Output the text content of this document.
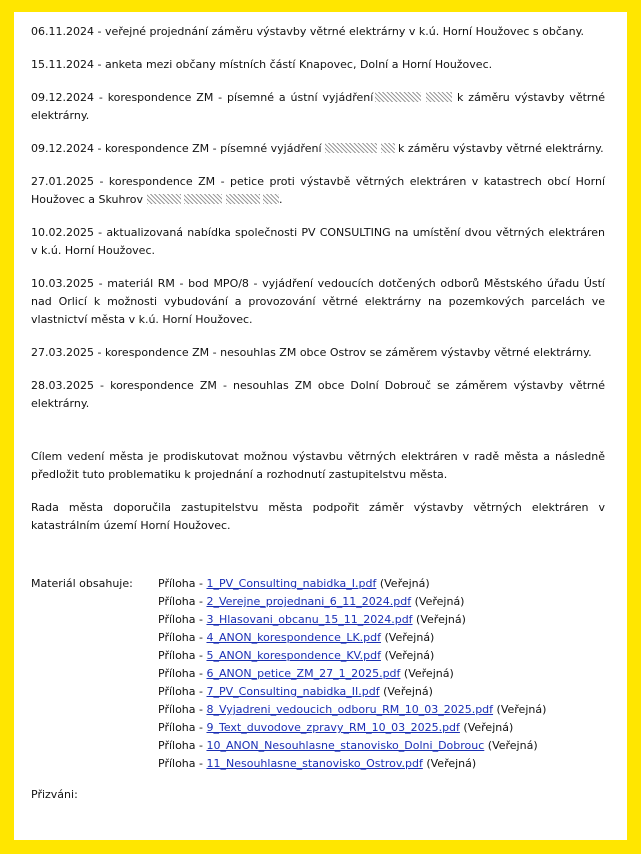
06.11.2024 - veřejné projednání záměru výstavby větrné elektrárny v k.ú. Horní Houžovec s občany.

15.11.2024 - anketa mezi občany místních částí Knapovec, Dolní a Horní Houžovec.

09.12.2024 - korespondence ZM - písemné a ústní vyjádření	k záměru výstavby větrné elektrárny.

09.12.2024 - korespondence ZM - písemné vyjádření	k záměru výstavby větrné elektrárny.

27.01.2025 - korespondence ZM - petice proti výstavbě větrných elektráren v katastrech obcí Horní Houžovec a Skuhrov	.

10.02.2025 - aktualizovaná nabídka společnosti PV CONSULTING na umístění dvou větrných elektráren v k.ú. Horní Houžovec.

10.03.2025 - materiál RM - bod MPO/8 - vyjádření vedoucích dotčených odborů Městského úřadu Ústí nad Orlicí k možnosti vybudování a provozování větrné elektrárny na pozemkových parcelách ve vlastnictví města v k.ú. Horní Houžovec.

27.03.2025 - korespondence ZM - nesouhlas ZM obce Ostrov se záměrem výstavby větrné elektrárny.

28.03.2025 - korespondence ZM - nesouhlas ZM obce Dolní Dobrouč se záměrem výstavby větrné elektrárny.

Cílem vedení města je prodiskutovat možnou výstavbu větrných elektráren v radě města a následně předložit tuto problematiku k projednání a rozhodnutí zastupitelstvu města.

Rada města doporučila zastupitelstvu města podpořit záměr výstavby větrných elektráren v katastrálním území Horní Houžovec.

Materiál obsahuje:	Příloha - 1_PV_Consulting_nabidka_I.pdf (Veřejná)
Příloha - 2_Verejne_projednani_6_11_2024.pdf (Veřejná)
Příloha - 3_Hlasovani_obcanu_15_11_2024.pdf (Veřejná)
Příloha - 4_ANON_korespondence_LK.pdf (Veřejná)
Příloha - 5_ANON_korespondence_KV.pdf (Veřejná)
Příloha - 6_ANON_petice_ZM_27_1_2025.pdf (Veřejná)
Příloha - 7_PV_Consulting_nabidka_II.pdf (Veřejná)
Příloha - 8_Vyjadreni_vedoucich_odboru_RM_10_03_2025.pdf (Veřejná)
Příloha - 9_Text_duvodove_zpravy_RM_10_03_2025.pdf (Veřejná)
Příloha - 10_ANON_Nesouhlasne_stanovisko_Dolni_Dobrouc (Veřejná)
Příloha - 11_Nesouhlasne_stanovisko_Ostrov.pdf (Veřejná)
Přizváni:
